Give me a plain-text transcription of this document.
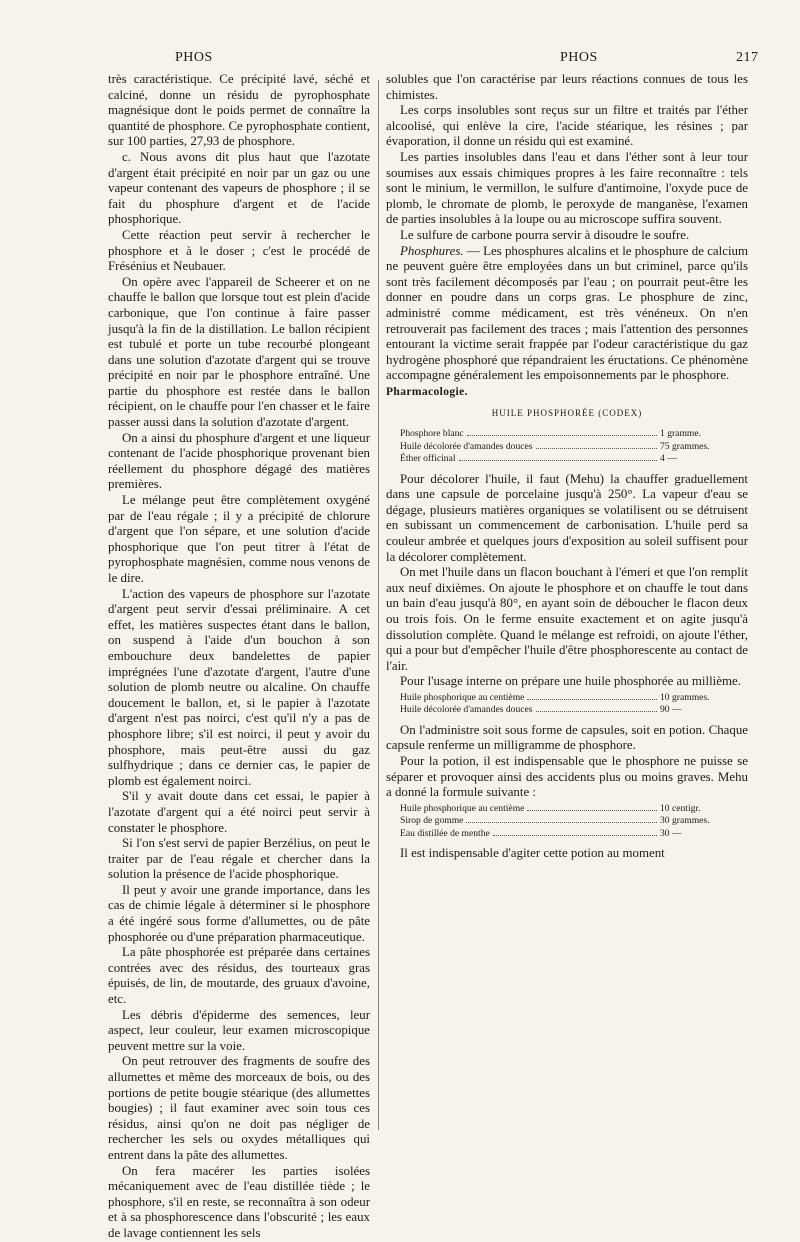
PHOS	PHOS	217

très caractéristique. Ce précipité lavé, séché et calciné, donne un résidu de pyrophosphate magnésique dont le poids permet de connaître la quantité de phosphore. Ce pyrophosphate contient, sur 100 parties, 27,93 de phosphore.

c. Nous avons dit plus haut que l'azotate d'argent était précipité en noir par un gaz ou une vapeur contenant des vapeurs de phosphore ; il se fait du phosphure d'argent et de l'acide phosphorique.

Cette réaction peut servir à rechercher le phosphore et à le doser ; c'est le procédé de Frésénius et Neubauer.

On opère avec l'appareil de Scheerer et on ne chauffe le ballon que lorsque tout est plein d'acide carbonique, que l'on continue à faire passer jusqu'à la fin de la distillation. Le ballon récipient est tubulé et porte un tube recourbé plongeant dans une solution d'azotate d'argent qui se trouve précipité en noir par le phosphore entraîné. Une partie du phosphore est restée dans le ballon récipient, on le chauffe pour l'en chasser et le faire passer aussi dans la solution d'azotate d'argent.

On a ainsi du phosphure d'argent et une liqueur contenant de l'acide phosphorique provenant bien réellement du phosphore dégagé des matières premières.

Le mélange peut être complètement oxygéné par de l'eau régale ; il y a précipité de chlorure d'argent que l'on sépare, et une solution d'acide phosphorique que l'on peut titrer à l'état de pyrophosphate magnésien, comme nous venons de le dire.

L'action des vapeurs de phosphore sur l'azotate d'argent peut servir d'essai préliminaire. A cet effet, les matières suspectes étant dans le ballon, on suspend à l'aide d'un bouchon à son embouchure deux bandelettes de papier imprégnées l'une d'azotate d'argent, l'autre d'une solution de plomb neutre ou alcaline. On chauffe doucement le ballon, et, si le papier à l'azotate d'argent n'est pas noirci, c'est qu'il n'y a pas de phosphore libre; s'il est noirci, il peut y avoir du phosphore, mais peut-être aussi du gaz sulfhydrique ; dans ce dernier cas, le papier de plomb est également noirci.

S'il y avait doute dans cet essai, le papier à l'azotate d'argent qui a été noirci peut servir à constater le phosphore.

Si l'on s'est servi de papier Berzélius, on peut le traiter par de l'eau régale et chercher dans la solution la présence de l'acide phosphorique.

Il peut y avoir une grande importance, dans les cas de chimie légale à déterminer si le phosphore a été ingéré sous forme d'allumettes, ou de pâte phosphorée ou d'une préparation pharmaceutique.

La pâte phosphorée est préparée dans certaines contrées avec des résidus, des tourteaux gras épuisés, de lin, de moutarde, des gruaux d'avoine, etc.

Les débris d'épiderme des semences, leur aspect, leur couleur, leur examen microscopique peuvent mettre sur la voie.

On peut retrouver des fragments de soufre des allumettes et même des morceaux de bois, ou des portions de petite bougie stéarique (des allumettes bougies) ; il faut examiner avec soin tous ces résidus, ainsi qu'on ne doit pas négliger de rechercher les sels ou oxydes métalliques qui entrent dans la pâte des allumettes.

On fera macérer les parties isolées mécaniquement avec de l'eau distillée tiède ; le phosphore, s'il en reste, se reconnaîtra à son odeur et à sa phosphorescence dans l'obscurité ; les eaux de lavage contiennent les sels

solubles que l'on caractérise par leurs réactions connues de tous les chimistes.

Les corps insolubles sont reçus sur un filtre et traités par l'éther alcoolisé, qui enlève la cire, l'acide stéarique, les résines ; par évaporation, il donne un résidu qui est examiné.

Les parties insolubles dans l'eau et dans l'éther sont à leur tour soumises aux essais chimiques propres à les faire reconnaître : tels sont le minium, le vermillon, le sulfure d'antimoine, l'oxyde puce de plomb, le chromate de plomb, le peroxyde de manganèse, l'examen de parties insolubles à la loupe ou au microscope suffira souvent.

Le sulfure de carbone pourra servir à disoudre le soufre.

Phosphures. — Les phosphures alcalins et le phosphure de calcium ne peuvent guère être employées dans un but criminel, parce qu'ils sont très facilement décomposés par l'eau ; on pourrait peut-être les donner en poudre dans un corps gras. Le phosphure de zinc, administré comme médicament, est très vénéneux. On n'en retrouverait pas facilement des traces ; mais l'attention des personnes entourant la victime serait frappée par l'odeur caractéristique du gaz hydrogène phosphoré que répandraient les éructations. Ce phénomène accompagne généralement les empoisonnements par le phosphore.

Pharmacologie.
HUILE PHOSPHORÉE (CODEX)
Phosphore blanc	1 gramme.
Huile décolorée d'amandes douces	75 grammes.
Éther officinal	4 —

Pour décolorer l'huile, il faut (Mehu) la chauffer graduellement dans une capsule de porcelaine jusqu'à 250°. La vapeur d'eau se dégage, plusieurs matières organiques se volatilisent ou se détruisent en subissant un commencement de carbonisation. L'huile perd sa couleur ambrée et quelques jours d'exposition au soleil suffisent pour la décolorer complètement.

On met l'huile dans un flacon bouchant à l'émeri et que l'on remplit aux neuf dixièmes. On ajoute le phosphore et on chauffe le tout dans un bain d'eau jusqu'à 80°, en ayant soin de déboucher le flacon deux ou trois fois. On le ferme ensuite exactement et on agite jusqu'à dissolution complète. Quand le mélange est refroidi, on ajoute l'éther, qui a pour but d'empêcher l'huile d'être phosphorescente au contact de l'air.

Pour l'usage interne on prépare une huile phosphorée au millième.

Huile phosphorique au centième	10 grammes.
Huile décolorée d'amandes douces	90 —

On l'administre soit sous forme de capsules, soit en potion. Chaque capsule renferme un milligramme de phosphore.

Pour la potion, il est indispensable que le phosphore ne puisse se séparer et provoquer ainsi des accidents plus ou moins graves. Mehu a donné la formule suivante :

Huile phosphorique au centième	10 centigr.
Sirop de gomme	30 grammes.
Eau distillée de menthe	30 —

Il est indispensable d'agiter cette potion au moment
